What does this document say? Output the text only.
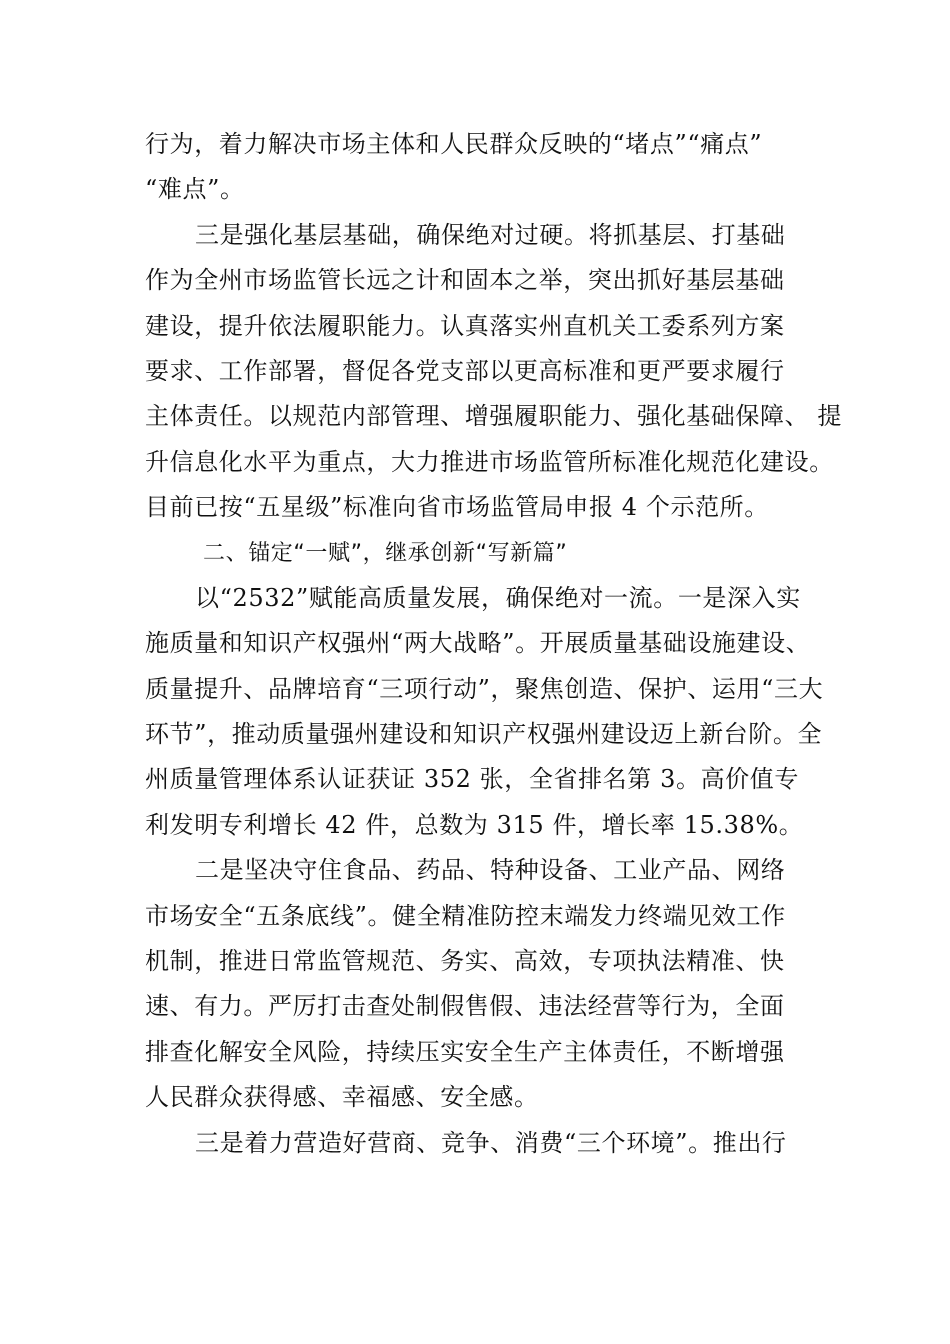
行为，着力解决市场主体和人民群众反映的“堵点”“痛点”
“难点”。
三是强化基层基础，确保绝对过硬。将抓基层、打基础
作为全州市场监管长远之计和固本之举，突出抓好基层基础
建设，提升依法履职能力。认真落实州直机关工委系列方案
要求、工作部署，督促各党支部以更高标准和更严要求履行
主体责任。以规范内部管理、增强履职能力、强化基础保障、 提
升信息化水平为重点，大力推进市场监管所标准化规范化建设。
目前已按“五星级”标准向省市场监管局申报 4 个示范所。
二、锚定“一赋”，继承创新“写新篇”
以“2532”赋能高质量发展，确保绝对一流。一是深入实
施质量和知识产权强州“两大战略”。开展质量基础设施建设、
质量提升、品牌培育“三项行动”，聚焦创造、保护、运用“三大
环节”，推动质量强州建设和知识产权强州建设迈上新台阶。全
州质量管理体系认证获证 352 张，全省排名第 3。高价值专
利发明专利增长 42 件，总数为 315 件，增长率 15.38%。
二是坚决守住食品、药品、特种设备、工业产品、网络
市场安全“五条底线”。健全精准防控末端发力终端见效工作
机制，推进日常监管规范、务实、高效，专项执法精准、快
速、有力。严厉打击查处制假售假、违法经营等行为，全面
排查化解安全风险，持续压实安全生产主体责任，不断增强
人民群众获得感、幸福感、安全感。
三是着力营造好营商、竞争、消费“三个环境”。推出行
